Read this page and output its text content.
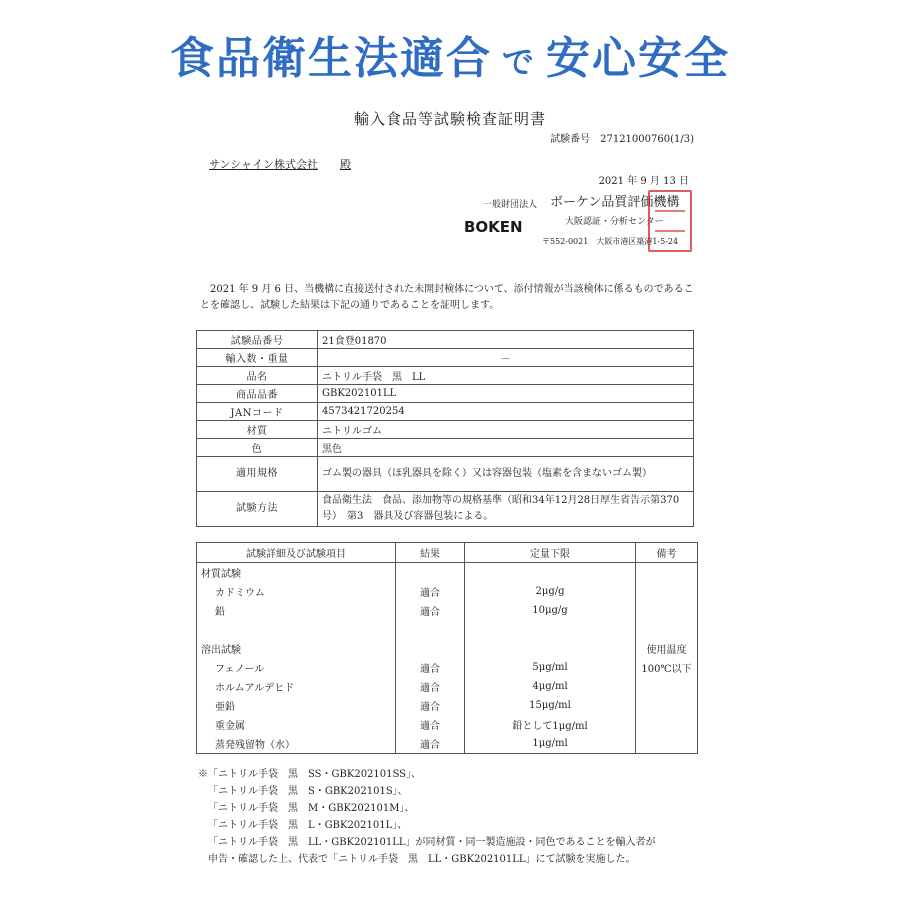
食品衛生法適合 で 安心安全
輸入食品等試験検査証明書
試験番号　27121000760(1/3)
サンシャイン株式会社 殿
2021 年 9 月 13 日
一般財団法人 ボーケン品質評価機構
大阪認証・分析センター
BOKEN
〒552-0021　大阪市港区築港1-5-24
2021 年 9 月 6 日、当機構に直接送付された未開封検体について、添付情報が当該検体に係るものであることを確認し、試験した結果は下記の通りであることを証明します。
試験品番号	21食登01870
輸入数・重量	－
品名	ニトリル手袋　黒　LL
商品品番	GBK202101LL
JANコード	4573421720254
材質	ニトリルゴム
色	黒色
適用規格	ゴム製の器具（ほ乳器具を除く）又は容器包装（塩素を含まないゴム製）
試験方法	食品衛生法　食品、添加物等の規格基準（昭和34年12月28日厚生省告示第370号）　第3　器具及び容器包装による。
試験詳細及び試験項目	結果	定量下限	備考
材質試験			
カドミウム	適合	2μg/g	
鉛	適合	10μg/g	

溶出試験			使用温度
フェノール	適合	5μg/ml	100℃以下
ホルムアルデヒド	適合	4μg/ml	
亜鉛	適合	15μg/ml	
重金属	適合	鉛として1μg/ml	
蒸発残留物（水）	適合	1μg/ml	
※「ニトリル手袋　黒　SS・GBK202101SS」、
「ニトリル手袋　黒　S・GBK202101S」、
「ニトリル手袋　黒　M・GBK202101M」、
「ニトリル手袋　黒　L・GBK202101L」、
「ニトリル手袋　黒　LL・GBK202101LL」が同材質・同一製造施設・同色であることを輸入者が
申告・確認した上、代表で「ニトリル手袋　黒　LL・GBK202101LL」にて試験を実施した。
